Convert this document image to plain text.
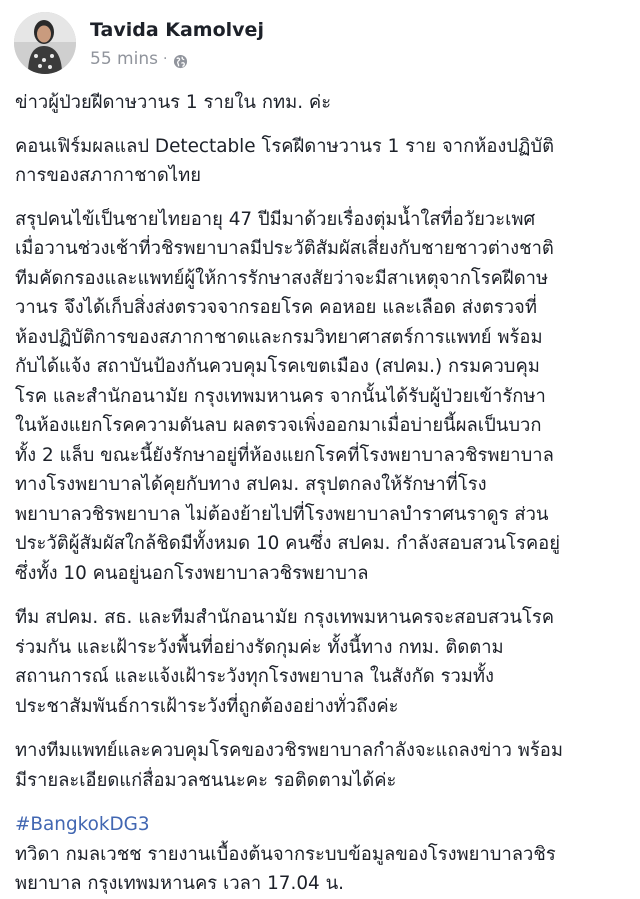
Tavida Kamolvej
55 mins ·

ข่าวผู้ป่วยฝีดาษวานร 1 รายใน กทม. ค่ะ

คอนเฟิร์มผลแลป Detectable โรคฝีดาษวานร 1 ราย จากห้องปฏิบัติ
การของสภากาชาดไทย

สรุปคนไข้เป็นชายไทยอายุ 47 ปีมีมาด้วยเรื่องตุ่มน้ำใสที่อวัยวะเพศ
เมื่อวานช่วงเช้าที่วชิรพยาบาลมีประวัติสัมผัสเสี่ยงกับชายชาวต่างชาติ
ทีมคัดกรองและแพทย์ผู้ให้การรักษาสงสัยว่าจะมีสาเหตุจากโรคฝีดาษ
วานร จึงได้เก็บสิ่งส่งตรวจจากรอยโรค คอหอย และเลือด ส่งตรวจที่
ห้องปฏิบัติการของสภากาชาดและกรมวิทยาศาสตร์การแพทย์ พร้อม
กับได้แจ้ง สถาบันป้องกันควบคุมโรคเขตเมือง (สปคม.) กรมควบคุม
โรค และสำนักอนามัย กรุงเทพมหานคร จากนั้นได้รับผู้ป่วยเข้ารักษา
ในห้องแยกโรคความดันลบ ผลตรวจเพิ่งออกมาเมื่อบ่ายนี้ผลเป็นบวก
ทั้ง 2 แล็บ ขณะนี้ยังรักษาอยู่ที่ห้องแยกโรคที่โรงพยาบาลวชิรพยาบาล
ทางโรงพยาบาลได้คุยกับทาง สปคม. สรุปตกลงให้รักษาที่โรง
พยาบาลวชิรพยาบาล ไม่ต้องย้ายไปที่โรงพยาบาลบำราศนราดูร ส่วน
ประวัติผู้สัมผัสใกล้ชิดมีทั้งหมด 10 คนซึ่ง สปคม. กำลังสอบสวนโรคอยู่
ซึ่งทั้ง 10 คนอยู่นอกโรงพยาบาลวชิรพยาบาล

ทีม สปคม. สธ. และทีมสำนักอนามัย กรุงเทพมหานครจะสอบสวนโรค
ร่วมกัน และเฝ้าระวังพื้นที่อย่างรัดกุมค่ะ ทั้งนี้ทาง กทม. ติดตาม
สถานการณ์ และแจ้งเฝ้าระวังทุกโรงพยาบาล ในสังกัด รวมทั้ง
ประชาสัมพันธ์การเฝ้าระวังที่ถูกต้องอย่างทั่วถึงค่ะ

ทางทีมแพทย์และควบคุมโรคของวชิรพยาบาลกำลังจะแถลงข่าว พร้อม
มีรายละเอียดแก่สื่อมวลชนนะคะ รอติดตามได้ค่ะ

#BangkokDG3

ทวิดา กมลเวชช รายงานเบื้องต้นจากระบบข้อมูลของโรงพยาบาลวชิร
พยาบาล กรุงเทพมหานคร เวลา 17.04 น.
